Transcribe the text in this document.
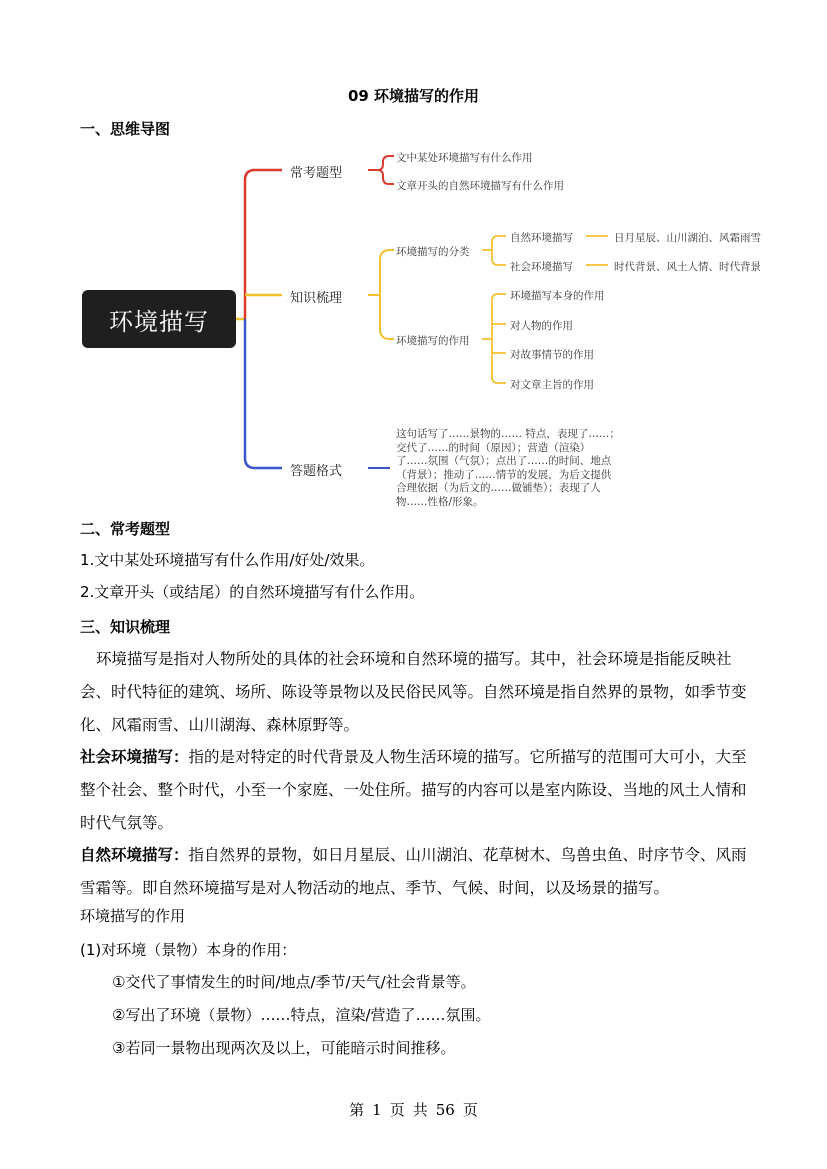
09 环境描写的作用
一、思维导图
环境描写
常考题型
文中某处环境描写有什么作用
文章开头的自然环境描写有什么作用
知识梳理
环境描写的分类
自然环境描写	日月星辰、山川湖泊、风霜雨雪
社会环境描写	时代背景、风土人情、时代背景
环境描写的作用
环境描写本身的作用
对人物的作用
对故事情节的作用
对文章主旨的作用
答题格式
这句话写了……景物的…… 特点，表现了……；
交代了……的时间（原因）；营造（渲染）
了……氛围（气氛）；点出了……的时间、地点
（背景）；推动了……情节的发展，为后文提供
合理依据（为后文的……做铺垫）；表现了人
物……性格/形象。
二、常考题型
1.文中某处环境描写有什么作用/好处/效果。
2.文章开头（或结尾）的自然环境描写有什么作用。
三、知识梳理
环境描写是指对人物所处的具体的社会环境和自然环境的描写。其中，社会环境是指能反映社会、时代特征的建筑、场所、陈设等景物以及民俗民风等。自然环境是指自然界的景物，如季节变化、风霜雨雪、山川湖海、森林原野等。
社会环境描写：指的是对特定的时代背景及人物生活环境的描写。它所描写的范围可大可小，大至整个社会、整个时代，小至一个家庭、一处住所。描写的内容可以是室内陈设、当地的风土人情和时代气氛等。
自然环境描写：指自然界的景物，如日月星辰、山川湖泊、花草树木、鸟兽虫鱼、时序节令、风雨雪霜等。即自然环境描写是对人物活动的地点、季节、气候、时间，以及场景的描写。
环境描写的作用
(1)对环境（景物）本身的作用：
①交代了事情发生的时间/地点/季节/天气/社会背景等。
②写出了环境（景物）……特点，渲染/营造了……氛围。
③若同一景物出现两次及以上，可能暗示时间推移。
第 1 页 共 56 页
